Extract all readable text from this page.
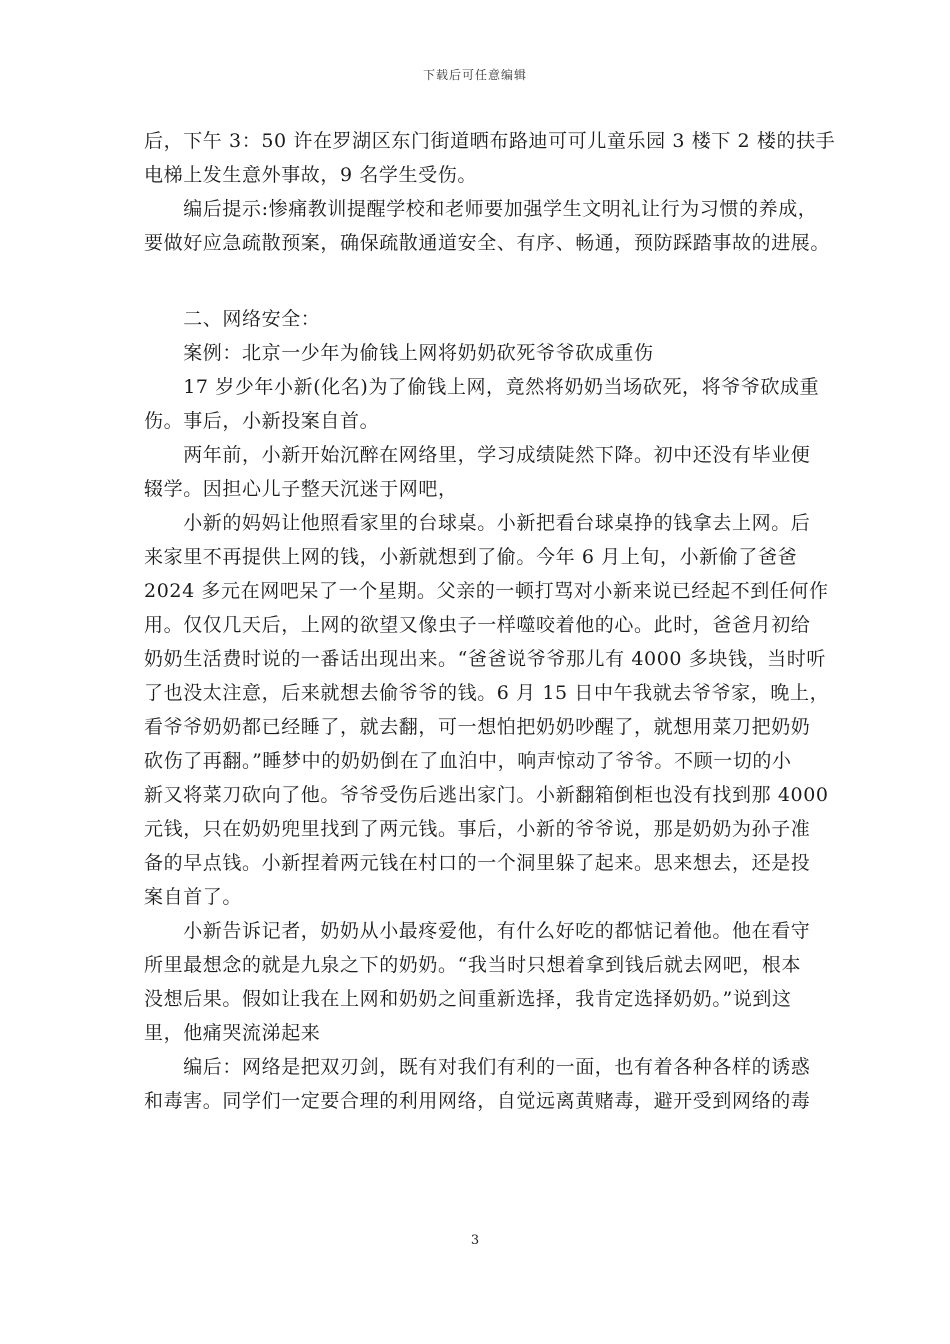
下载后可任意编辑
后，下午 3：50 许在罗湖区东门街道晒布路迪可可儿童乐园 3 楼下 2 楼的扶手
电梯上发生意外事故，9 名学生受伤。
　　编后提示:惨痛教训提醒学校和老师要加强学生文明礼让行为习惯的养成，
要做好应急疏散预案，确保疏散通道安全、有序、畅通，预防踩踏事故的进展。
　　二、网络安全：
　　案例：北京一少年为偷钱上网将奶奶砍死爷爷砍成重伤
　　17 岁少年小新(化名)为了偷钱上网，竟然将奶奶当场砍死，将爷爷砍成重
伤。事后，小新投案自首。
　　两年前，小新开始沉醉在网络里，学习成绩陡然下降。初中还没有毕业便
辍学。因担心儿子整天沉迷于网吧，
　　小新的妈妈让他照看家里的台球桌。小新把看台球桌挣的钱拿去上网。后
来家里不再提供上网的钱，小新就想到了偷。今年 6 月上旬，小新偷了爸爸
2024 多元在网吧呆了一个星期。父亲的一顿打骂对小新来说已经起不到任何作
用。仅仅几天后，上网的欲望又像虫子一样噬咬着他的心。此时，爸爸月初给
奶奶生活费时说的一番话出现出来。“爸爸说爷爷那儿有 4000 多块钱，当时听
了也没太注意，后来就想去偷爷爷的钱。6 月 15 日中午我就去爷爷家，晚上，
看爷爷奶奶都已经睡了，就去翻，可一想怕把奶奶吵醒了，就想用菜刀把奶奶
砍伤了再翻。”睡梦中的奶奶倒在了血泊中，响声惊动了爷爷。不顾一切的小
新又将菜刀砍向了他。爷爷受伤后逃出家门。小新翻箱倒柜也没有找到那 4000
元钱，只在奶奶兜里找到了两元钱。事后，小新的爷爷说，那是奶奶为孙子准
备的早点钱。小新捏着两元钱在村口的一个洞里躲了起来。思来想去，还是投
案自首了。
　　小新告诉记者，奶奶从小最疼爱他，有什么好吃的都惦记着他。他在看守
所里最想念的就是九泉之下的奶奶。“我当时只想着拿到钱后就去网吧，根本
没想后果。假如让我在上网和奶奶之间重新选择，我肯定选择奶奶。”说到这
里，他痛哭流涕起来
　　编后：网络是把双刃剑，既有对我们有利的一面，也有着各种各样的诱惑
和毒害。同学们一定要合理的利用网络，自觉远离黄赌毒，避开受到网络的毒
3
